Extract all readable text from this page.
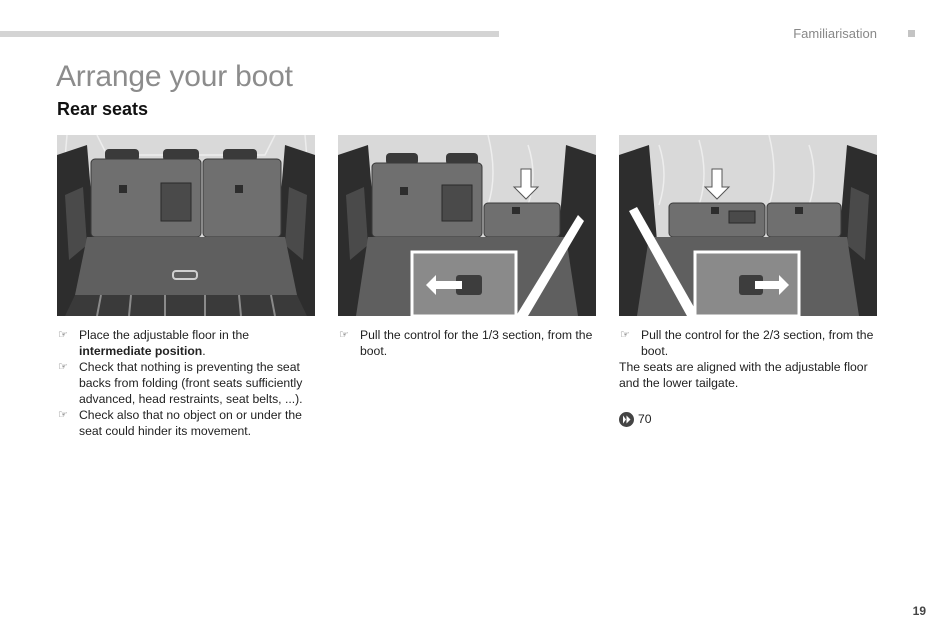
Familiarisation
Arrange your boot
Rear seats

☞ Place the adjustable floor in the intermediate position.

☞ Check that nothing is preventing the seat backs from folding (front seats sufficiently advanced, head restraints, seat belts, ...).

☞ Check also that no object on or under the seat could hinder its movement.

☞ Pull the control for the 1/3 section, from the boot.

☞ Pull the control for the 2/3 section, from the boot.

The seats are aligned with the adjustable floor and the lower tailgate.

70
19
